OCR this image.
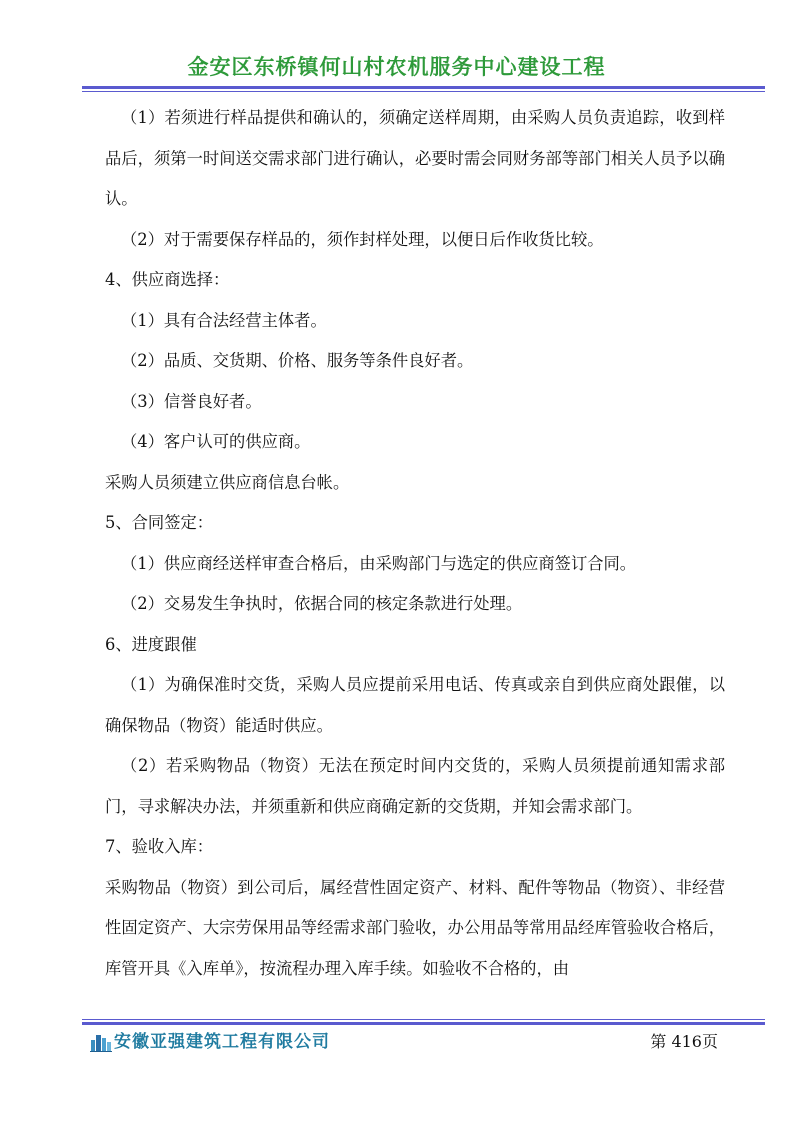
金安区东桥镇何山村农机服务中心建设工程

（1）若须进行样品提供和确认的，须确定送样周期，由采购人员负责追踪，收到样品后，须第一时间送交需求部门进行确认，必要时需会同财务部等部门相关人员予以确认。

（2）对于需要保存样品的，须作封样处理，以便日后作收货比较。

4、供应商选择：

（1）具有合法经营主体者。

（2）品质、交货期、价格、服务等条件良好者。

（3）信誉良好者。

（4）客户认可的供应商。

采购人员须建立供应商信息台帐。

5、合同签定：

（1）供应商经送样审查合格后，由采购部门与选定的供应商签订合同。

（2）交易发生争执时，依据合同的核定条款进行处理。

6、进度跟催

（1）为确保准时交货，采购人员应提前采用电话、传真或亲自到供应商处跟催，以确保物品（物资）能适时供应。

（2）若采购物品（物资）无法在预定时间内交货的，采购人员须提前通知需求部门，寻求解决办法，并须重新和供应商确定新的交货期，并知会需求部门。

7、验收入库：

采购物品（物资）到公司后，属经营性固定资产、材料、配件等物品（物资）、非经营性固定资产、大宗劳保用品等经需求部门验收，办公用品等常用品经库管验收合格后，库管开具《入库单》，按流程办理入库手续。如验收不合格的，由

安徽亚强建筑工程有限公司	第 416页
